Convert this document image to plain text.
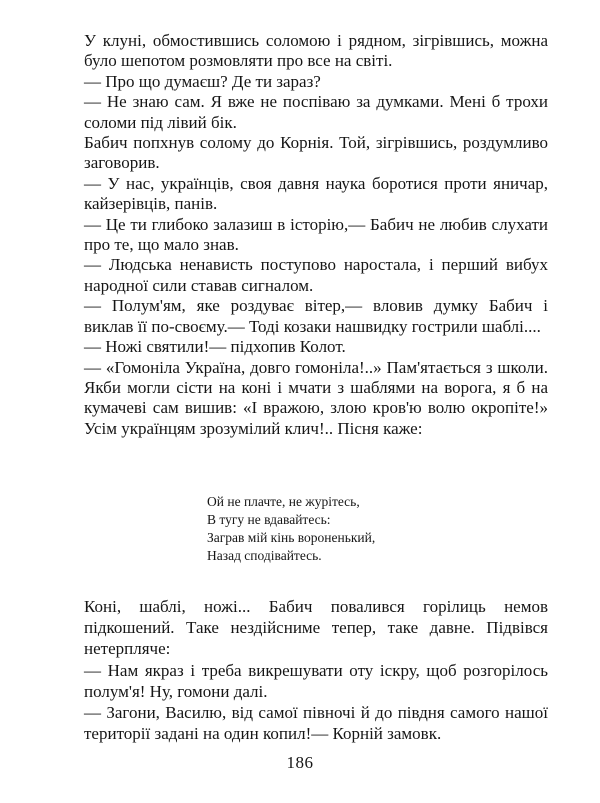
У клуні, обмостившись соломою і рядном, зігрівшись, можна було шепотом розмовляти про все на світі.

— Про що думаєш? Де ти зараз?

— Не знаю сам. Я вже не поспіваю за думками. Мені б трохи соломи під лівий бік.

Бабич попхнув солому до Корнія. Той, зігрівшись, роздумливо заговорив.

— У нас, українців, своя давня наука боротися проти яничар, кайзерівців, панів.

— Це ти глибоко залазиш в історію,— Бабич не любив слухати про те, що мало знав.

— Людська ненависть поступово наростала, і перший вибух народної сили ставав сигналом.

— Полум'ям, яке роздуває вітер,— вловив думку Бабич і виклав її по-своєму.— Тоді козаки нашвидку гострили шаблі....

— Ножі святили!— підхопив Колот.

— «Гомоніла Україна, довго гомоніла!..» Пам'ятається з школи. Якби могли сісти на коні і мчати з шаблями на ворога, я б на кумачеві сам вишив: «І вражою, злою кров'ю волю окропіте!» Усім українцям зрозумілий клич!.. Пісня каже:

Ой не плачте, не журітесь,
В тугу не вдавайтесь:
Заграв мій кінь вороненький,
Назад сподівайтесь.

Коні, шаблі, ножі... Бабич повалився горілиць немов підкошений. Таке нездійсниме тепер, таке давне. Підвівся нетерпляче:

— Нам якраз і треба викрешувати оту іскру, щоб розгорілось полум'я! Ну, гомони далі.

— Загони, Василю, від самої півночі й до півдня самого нашої території задані на один копил!— Корній замовк.

186
